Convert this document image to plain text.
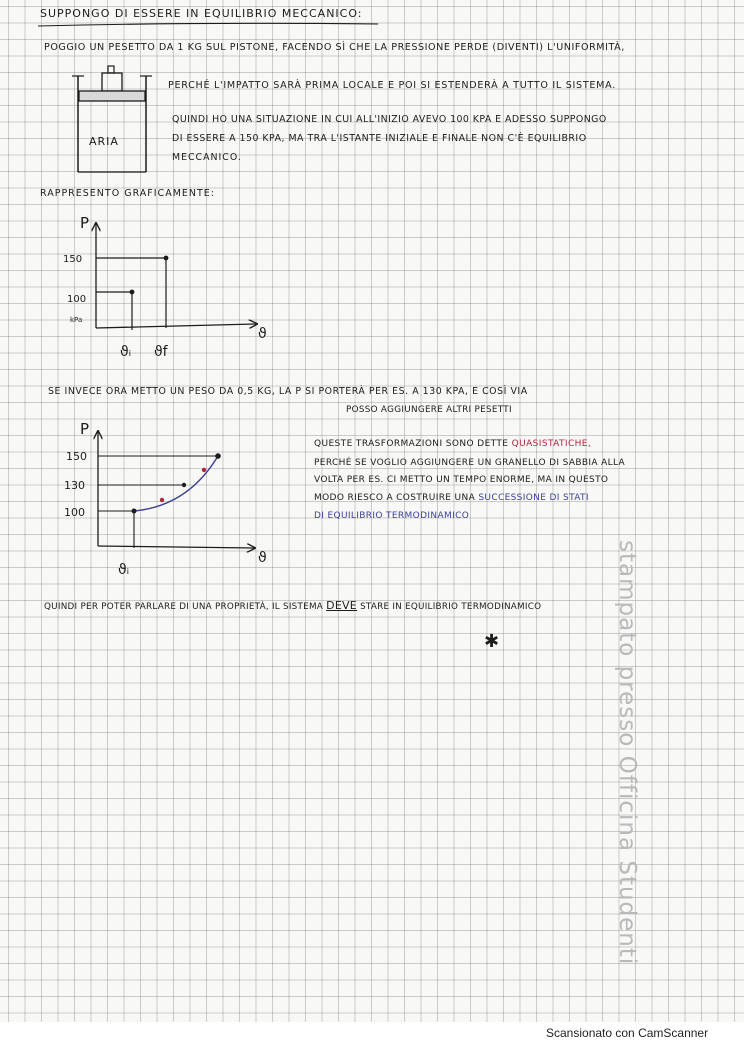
SUPPONGO DI ESSERE IN EQUILIBRIO MECCANICO:
POGGIO UN PESETTO DA 1 KG SUL PISTONE, FACENDO SÌ CHE LA PRESSIONE PERDE (DIVENTI) L'UNIFORMITÀ,
ARIA
PERCHÉ L'IMPATTO SARÀ PRIMA LOCALE E POI SI ESTENDERÀ A TUTTO IL SISTEMA.
QUINDI HO UNA SITUAZIONE IN CUI ALL'INIZIO AVEVO 100 KPA E ADESSO SUPPONGO
DI ESSERE A 150 KPA, MA TRA L'ISTANTE INIZIALE E FINALE NON C'È EQUILIBRIO
MECCANICO.
RAPPRESENTO GRAFICAMENTE:
P
150
100
kPa
ϑ
ϑᵢ ϑf
SE INVECE ORA METTO UN PESO DA 0,5 KG, LA P SI PORTERÀ PER ES. A 130 KPA, E COSÌ VIA
POSSO AGGIUNGERE ALTRI PESETTI
P
150
130
100
ϑ
ϑᵢ
QUESTE TRASFORMAZIONI SONO DETTE QUASISTATICHE,
PERCHÉ SE VOGLIO AGGIUNGERE UN GRANELLO DI SABBIA ALLA
VOLTA PER ES. CI METTO UN TEMPO ENORME, MA IN QUESTO
MODO RIESCO A COSTRUIRE UNA SUCCESSIONE DI STATI
DI EQUILIBRIO TERMODINAMICO
QUINDI PER POTER PARLARE DI UNA PROPRIETÀ, IL SISTEMA DEVE STARE IN EQUILIBRIO TERMODINAMICO
✱	stampato presso Officina Studenti
Scansionato con CamScanner
